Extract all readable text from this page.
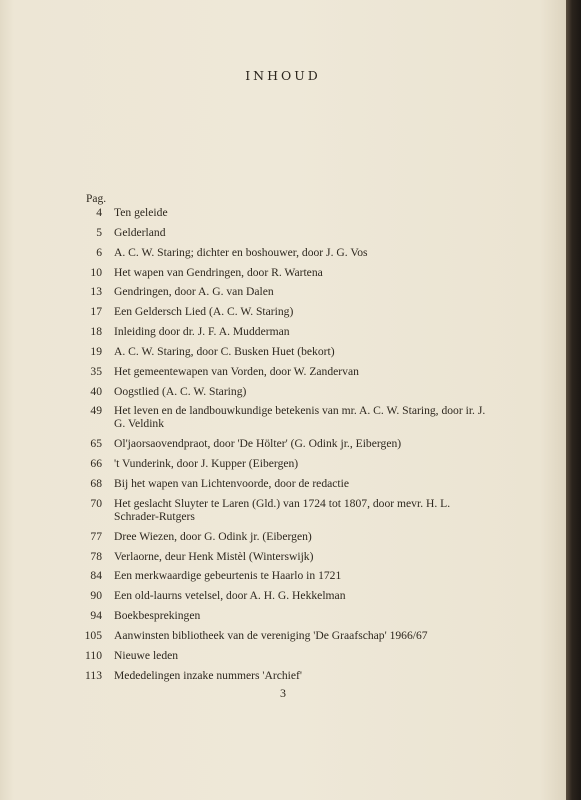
INHOUD
Pag.
4	Ten geleide
5	Gelderland
6	A. C. W. Staring; dichter en boshouwer, door J. G. Vos
10	Het wapen van Gendringen, door R. Wartena
13	Gendringen, door A. G. van Dalen
17	Een Geldersch Lied (A. C. W. Staring)
18	Inleiding door dr. J. F. A. Mudderman
19	A. C. W. Staring, door C. Busken Huet (bekort)
35	Het gemeentewapen van Vorden, door W. Zandervan
40	Oogstlied (A. C. W. Staring)
49	Het leven en de landbouwkundige betekenis van mr. A. C. W. Staring, door ir. J. G. Veldink
65	Ol'jaorsaovendpraot, door 'De Hölter' (G. Odink jr., Eibergen)
66	't Vunderink, door J. Kupper (Eibergen)
68	Bij het wapen van Lichtenvoorde, door de redactie
70	Het geslacht Sluyter te Laren (Gld.) van 1724 tot 1807, door mevr. H. L. Schrader-Rutgers
77	Dree Wiezen, door G. Odink jr. (Eibergen)
78	Verlaorne, deur Henk Mistèl (Winterswijk)
84	Een merkwaardige gebeurtenis te Haarlo in 1721
90	Een old-laurns vetelsel, door A. H. G. Hekkelman
94	Boekbesprekingen
105	Aanwinsten bibliotheek van de vereniging 'De Graafschap' 1966/67
110	Nieuwe leden
113	Mededelingen inzake nummers 'Archief'
3
